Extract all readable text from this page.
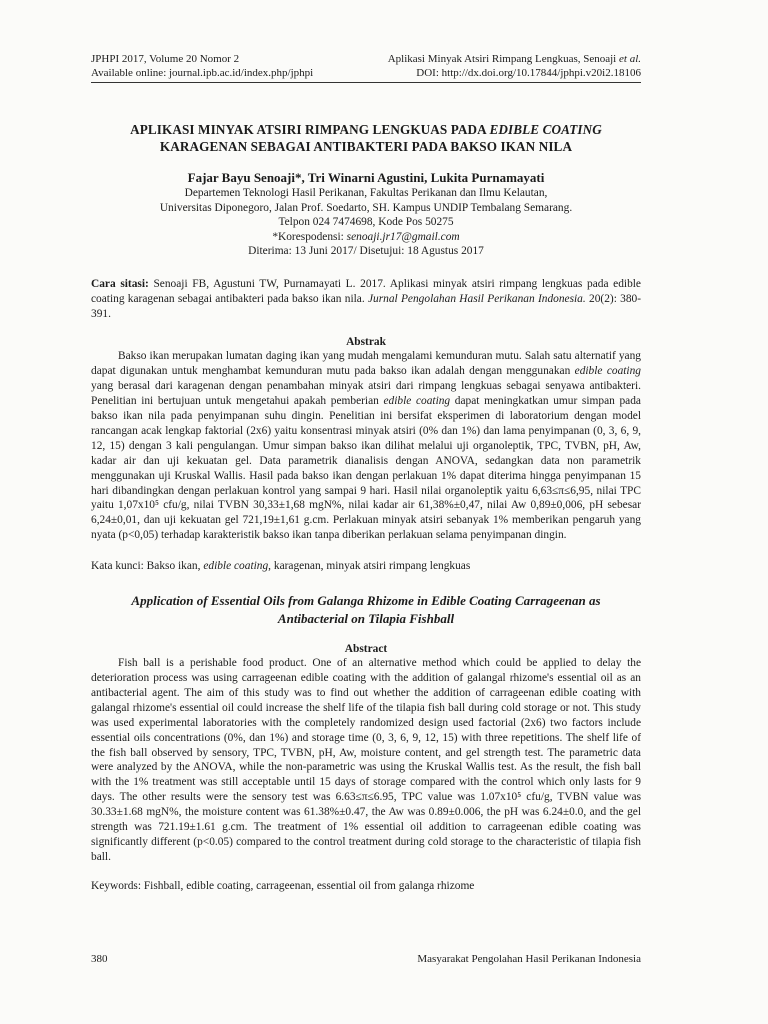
JPHPI 2017, Volume 20 Nomor 2	Aplikasi Minyak Atsiri Rimpang Lengkuas, Senoaji et al.
Available online: journal.ipb.ac.id/index.php/jphpi	DOI: http://dx.doi.org/10.17844/jphpi.v20i2.18106
APLIKASI MINYAK ATSIRI RIMPANG LENGKUAS PADA EDIBLE COATING
KARAGENAN SEBAGAI ANTIBAKTERI PADA BAKSO IKAN NILA
Fajar Bayu Senoaji*, Tri Winarni Agustini, Lukita Purnamayati
Departemen Teknologi Hasil Perikanan, Fakultas Perikanan dan Ilmu Kelautan,
Universitas Diponegoro, Jalan Prof. Soedarto, SH. Kampus UNDIP Tembalang Semarang.
Telpon 024 7474698, Kode Pos 50275
*Korespodensi: senoaji.jr17@gmail.com
Diterima: 13 Juni 2017/ Disetujui: 18 Agustus 2017
Cara sitasi: Senoaji FB, Agustuni TW, Purnamayati L. 2017. Aplikasi minyak atsiri rimpang lengkuas pada edible coating karagenan sebagai antibakteri pada bakso ikan nila. Jurnal Pengolahan Hasil Perikanan Indonesia. 20(2): 380-391.
Abstrak

Bakso ikan merupakan lumatan daging ikan yang mudah mengalami kemunduran mutu. Salah satu alternatif yang dapat digunakan untuk menghambat kemunduran mutu pada bakso ikan adalah dengan menggunakan edible coating yang berasal dari karagenan dengan penambahan minyak atsiri dari rimpang lengkuas sebagai senyawa antibakteri. Penelitian ini bertujuan untuk mengetahui apakah pemberian edible coating dapat meningkatkan umur simpan pada bakso ikan nila pada penyimpanan suhu dingin. Penelitian ini bersifat eksperimen di laboratorium dengan model rancangan acak lengkap faktorial (2x6) yaitu konsentrasi minyak atsiri (0% dan 1%) dan lama penyimpanan (0, 3, 6, 9, 12, 15) dengan 3 kali pengulangan. Umur simpan bakso ikan dilihat melalui uji organoleptik, TPC, TVBN, pH, Aw, kadar air dan uji kekuatan gel. Data parametrik dianalisis dengan ANOVA, sedangkan data non parametrik menggunakan uji Kruskal Wallis. Hasil pada bakso ikan dengan perlakuan 1% dapat diterima hingga penyimpanan 15 hari dibandingkan dengan perlakuan kontrol yang sampai 9 hari. Hasil nilai organoleptik yaitu 6,63≤π≤6,95, nilai TPC yaitu 1,07x10⁵ cfu/g, nilai TVBN 30,33±1,68 mgN%, nilai kadar air 61,38%±0,47, nilai Aw 0,89±0,006, pH sebesar 6,24±0,01, dan uji kekuatan gel 721,19±1,61 g.cm. Perlakuan minyak atsiri sebanyak 1% memberikan pengaruh yang nyata (p<0,05) terhadap karakteristik bakso ikan tanpa diberikan perlakuan selama penyimpanan dingin.

Kata kunci: Bakso ikan, edible coating, karagenan, minyak atsiri rimpang lengkuas
Application of Essential Oils from Galanga Rhizome in Edible Coating Carrageenan as
Antibacterial on Tilapia Fishball
Abstract

Fish ball is a perishable food product. One of an alternative method which could be applied to delay the deterioration process was using carrageenan edible coating with the addition of galangal rhizome's essential oil as an antibacterial agent. The aim of this study was to find out whether the addition of carrageenan edible coating with galangal rhizome's essential oil could increase the shelf life of the tilapia fish ball during cold storage or not. This study was used experimental laboratories with the completely randomized design used factorial (2x6) two factors include essential oils concentrations (0%, dan 1%) and storage time (0, 3, 6, 9, 12, 15) with three repetitions. The shelf life of the fish ball observed by sensory, TPC, TVBN, pH, Aw, moisture content, and gel strength test. The parametric data were analyzed by the ANOVA, while the non-parametric was using the Kruskal Wallis test. As the result, the fish ball with the 1% treatment was still acceptable until 15 days of storage compared with the control which only lasts for 9 days. The other results were the sensory test was 6.63≤π≤6.95, TPC value was 1.07x10⁵ cfu/g, TVBN value was 30.33±1.68 mgN%, the moisture content was 61.38%±0.47, the Aw was 0.89±0.006, the pH was 6.24±0.0, and the gel strength was 721.19±1.61 g.cm. The treatment of 1% essential oil addition to carrageenan edible coating was significantly different (p<0.05) compared to the control treatment during cold storage to the characteristic of tilapia fish ball.

Keywords: Fishball, edible coating, carrageenan, essential oil from galanga rhizome
380	Masyarakat Pengolahan Hasil Perikanan Indonesia
